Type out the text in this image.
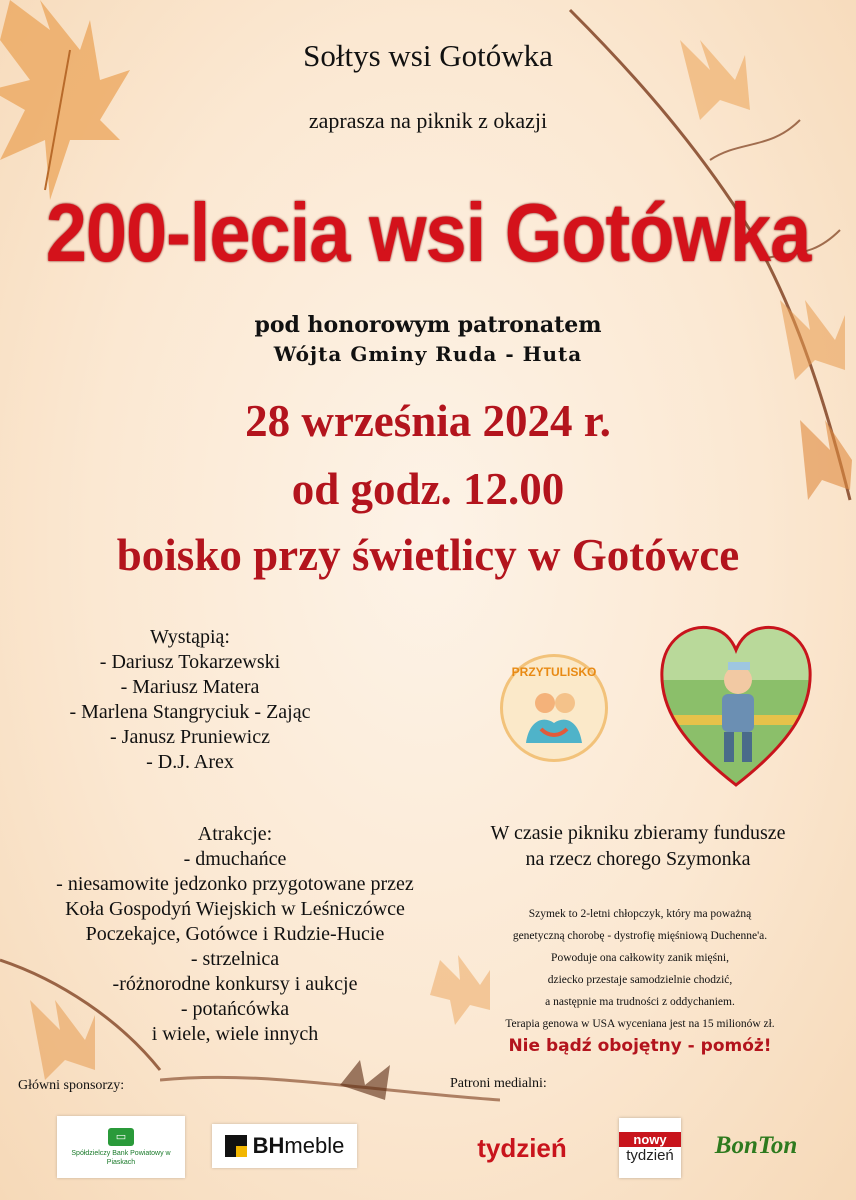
Sołtys wsi Gotówka
zaprasza na piknik z okazji
200-lecia wsi Gotówka
pod honorowym patronatem
Wójta Gminy Ruda - Huta
28 września 2024 r.
od godz. 12.00
boisko przy świetlicy w Gotówce
Wystąpią:
- Dariusz Tokarzewski
- Mariusz Matera
- Marlena Stangryciuk - Zając
- Janusz Pruniewicz
- D.J. Arex
PRZYTULISKO
Atrakcje:
- dmuchańce
- niesamowite jedzonko przygotowane przez
Koła Gospodyń Wiejskich w Leśniczówce
Poczekajce, Gotówce i Rudzie-Hucie
- strzelnica
-różnorodne konkursy i aukcje
- potańcówka
i wiele, wiele innych
W czasie pikniku zbieramy fundusze
na rzecz chorego Szymonka
Szymek to 2-letni chłopczyk, który ma poważną
genetyczną chorobę - dystrofię mięśniową Duchenne'a.
Powoduje ona całkowity zanik mięśni,
dziecko przestaje samodzielnie chodzić,
a następnie ma trudności z oddychaniem.
Terapia genowa w USA wyceniana jest na 15 milionów zł.
Nie bądź obojętny - pomóż!
Główni sponsorzy:
▭
Spółdzielczy Bank Powiatowy w Piaskach
BH meble
Patroni medialni:
tydzień	nowy
tydzień BonTon
